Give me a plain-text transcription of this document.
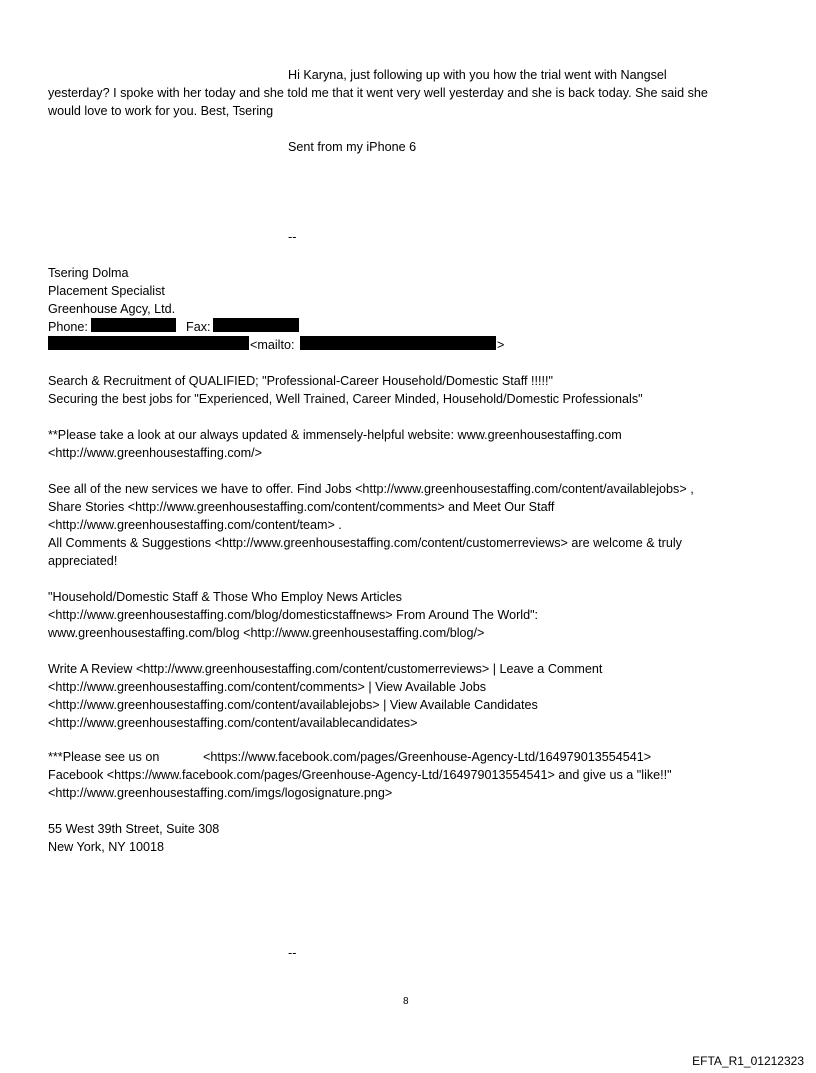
Hi Karyna, just following up with you how the trial went with Nangsel
yesterday? I spoke with her today and she told me that it went very well yesterday and she is back today. She said she
would love to work for you. Best, Tsering
Sent from my iPhone 6
--
Tsering Dolma
Placement Specialist
Greenhouse Agcy, Ltd.
Phone:	Fax:
<mailto:	>
Search & Recruitment of QUALIFIED; "Professional-Career Household/Domestic Staff !!!!!"
Securing the best jobs for "Experienced, Well Trained, Career Minded, Household/Domestic Professionals"
**Please take a look at our always updated & immensely-helpful website: www.greenhousestaffing.com
<http://www.greenhousestaffing.com/>
See all of the new services we have to offer. Find Jobs <http://www.greenhousestaffing.com/content/availablejobs> ,
Share Stories <http://www.greenhousestaffing.com/content/comments> and Meet Our Staff
<http://www.greenhousestaffing.com/content/team> .
All Comments & Suggestions <http://www.greenhousestaffing.com/content/customerreviews> are welcome & truly
appreciated!
"Household/Domestic Staff & Those Who Employ News Articles
<http://www.greenhousestaffing.com/blog/domesticstaffnews> From Around The World":
www.greenhousestaffing.com/blog <http://www.greenhousestaffing.com/blog/>
Write A Review <http://www.greenhousestaffing.com/content/customerreviews> | Leave a Comment
<http://www.greenhousestaffing.com/content/comments> | View Available Jobs
<http://www.greenhousestaffing.com/content/availablejobs> | View Available Candidates
<http://www.greenhousestaffing.com/content/availablecandidates>
***Please see us on	<https://www.facebook.com/pages/Greenhouse-Agency-Ltd/164979013554541>
Facebook <https://www.facebook.com/pages/Greenhouse-Agency-Ltd/164979013554541> and give us a "like!!"
<http://www.greenhousestaffing.com/imgs/logosignature.png>
55 West 39th Street, Suite 308
New York, NY 10018
--
8
EFTA_R1_01212323
